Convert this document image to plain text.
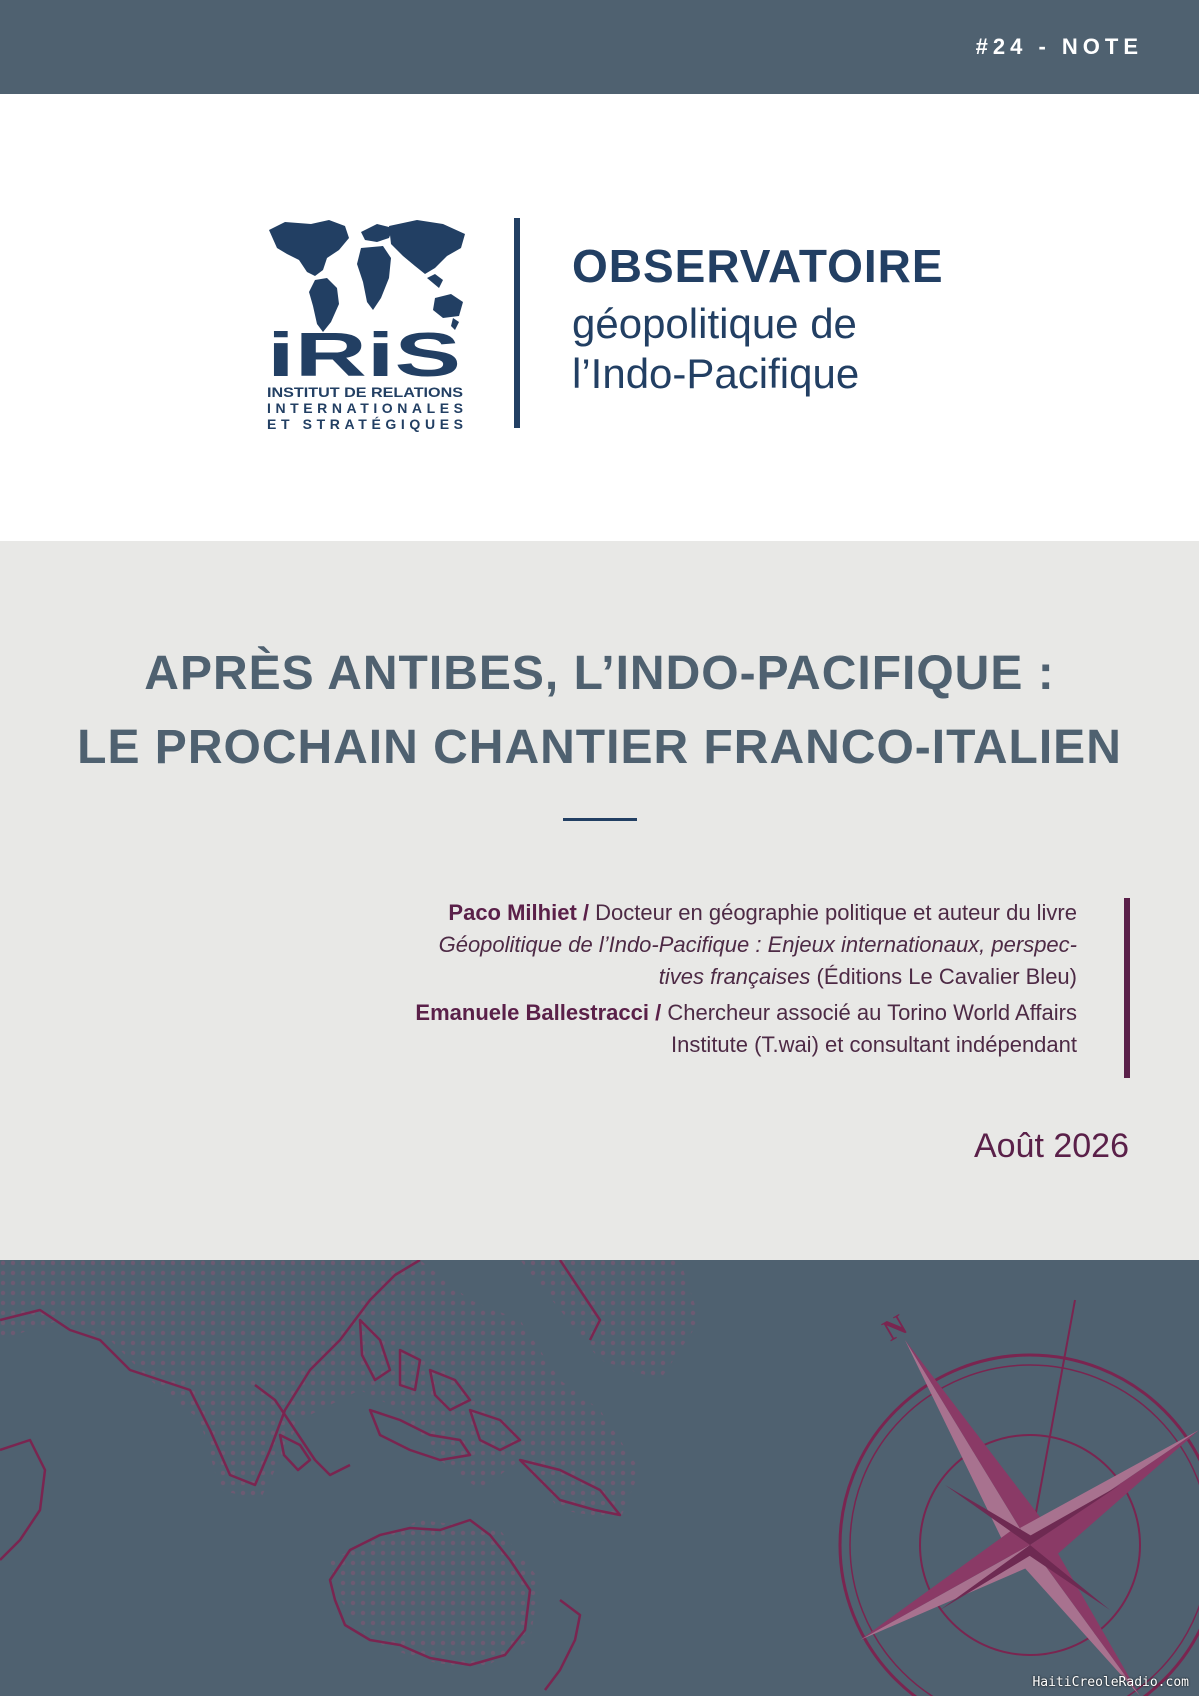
#24 - NOTE
iRiS
INSTITUT DE RELATIONS
INTERNATIONALES
ET STRATÉGIQUES
OBSERVATOIRE
géopolitique de
l’Indo-Pacifique
APRÈS ANTIBES, L’INDO-PACIFIQUE :
LE PROCHAIN CHANTIER FRANCO-ITALIEN
Paco Milhiet / Docteur en géographie politique et auteur du livre
Géopolitique de l’Indo-Pacifique : Enjeux internationaux, perspec-
tives françaises (Éditions Le Cavalier Bleu)
Emanuele Ballestracci / Chercheur associé au Torino World Affairs
Institute (T.wai) et consultant indépendant
Août 2026
N
HaitiCreoleRadio.com
